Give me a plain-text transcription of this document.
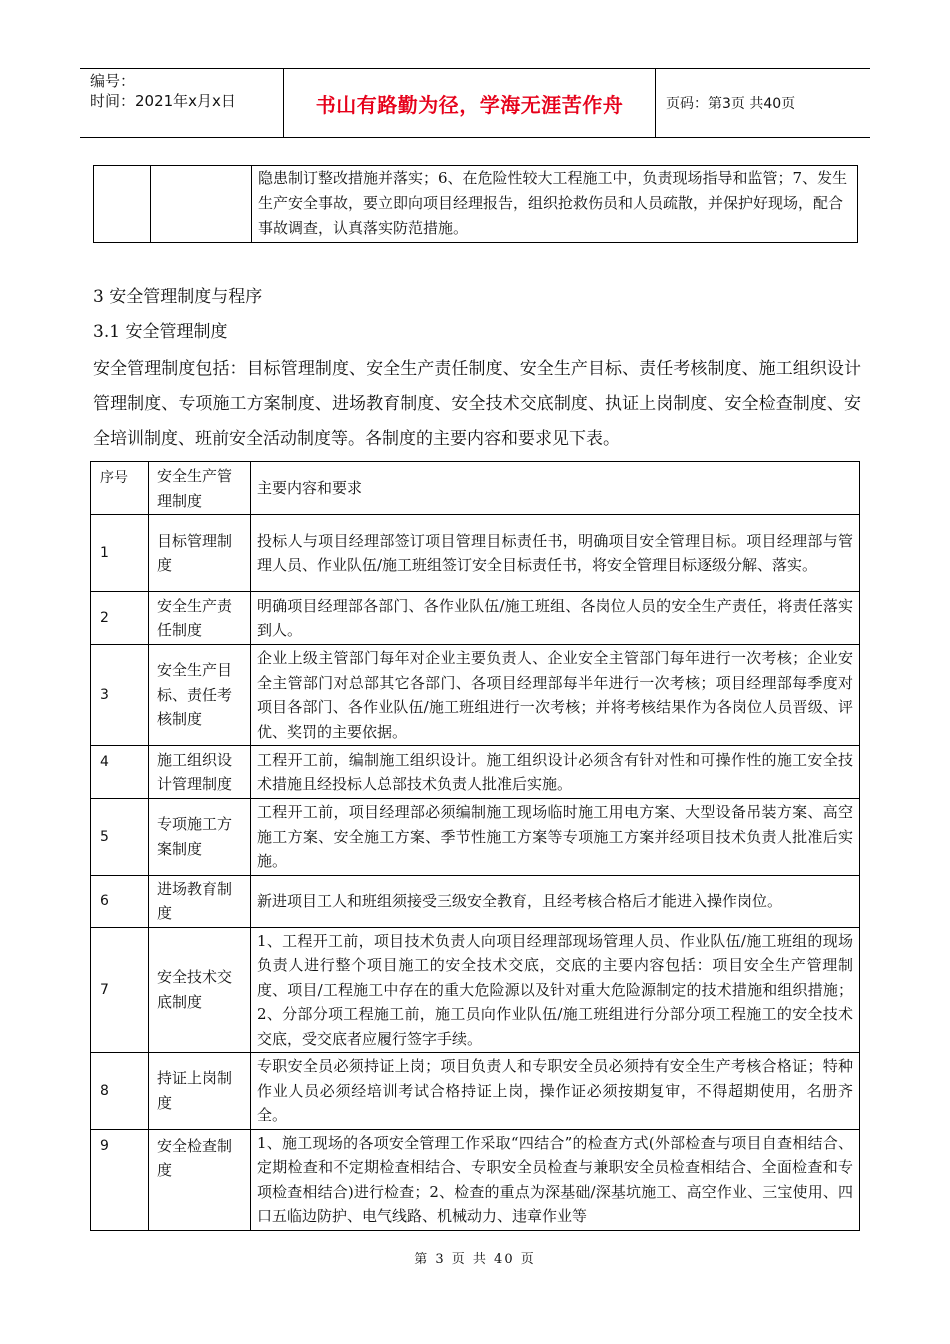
编号：
时间：2021年x月x日	书山有路勤为径，学海无涯苦作舟	页码：第3页 共40页
		隐患制订整改措施并落实；6、在危险性较大工程施工中，负责现场指导和监管；7、发生生产安全事故，要立即向项目经理报告，组织抢救伤员和人员疏散，并保护好现场，配合事故调查，认真落实防范措施。
3 安全管理制度与程序
3.1 安全管理制度
安全管理制度包括：目标管理制度、安全生产责任制度、安全生产目标、责任考核制度、施工组织设计管理制度、专项施工方案制度、进场教育制度、安全技术交底制度、执证上岗制度、安全检查制度、安全培训制度、班前安全活动制度等。各制度的主要内容和要求见下表。
序号	安全生产管理制度	主要内容和要求
1	目标管理制度	投标人与项目经理部签订项目管理目标责任书，明确项目安全管理目标。项目经理部与管理人员、作业队伍/施工班组签订安全目标责任书，将安全管理目标逐级分解、落实。
2	安全生产责任制度	明确项目经理部各部门、各作业队伍/施工班组、各岗位人员的安全生产责任，将责任落实到人。
3	安全生产目标、责任考核制度	企业上级主管部门每年对企业主要负责人、企业安全主管部门每年进行一次考核；企业安全主管部门对总部其它各部门、各项目经理部每半年进行一次考核；项目经理部每季度对项目各部门、各作业队伍/施工班组进行一次考核；并将考核结果作为各岗位人员晋级、评优、奖罚的主要依据。
4	施工组织设计管理制度	工程开工前，编制施工组织设计。施工组织设计必须含有针对性和可操作性的施工安全技术措施且经投标人总部技术负责人批准后实施。
5	专项施工方案制度	工程开工前，项目经理部必须编制施工现场临时施工用电方案、大型设备吊装方案、高空施工方案、安全施工方案、季节性施工方案等专项施工方案并经项目技术负责人批准后实施。
6	进场教育制度	新进项目工人和班组须接受三级安全教育，且经考核合格后才能进入操作岗位。
7	安全技术交底制度	1、工程开工前，项目技术负责人向项目经理部现场管理人员、作业队伍/施工班组的现场负责人进行整个项目施工的安全技术交底，交底的主要内容包括：项目安全生产管理制度、项目/工程施工中存在的重大危险源以及针对重大危险源制定的技术措施和组织措施；2、分部分项工程施工前，施工员向作业队伍/施工班组进行分部分项工程施工的安全技术交底，受交底者应履行签字手续。
8	持证上岗制度	专职安全员必须持证上岗；项目负责人和专职安全员必须持有安全生产考核合格证；特种作业人员必须经培训考试合格持证上岗，操作证必须按期复审，不得超期使用，名册齐全。
9	安全检查制度	1、施工现场的各项安全管理工作采取“四结合”的检查方式(外部检查与项目自查相结合、定期检查和不定期检查相结合、专职安全员检查与兼职安全员检查相结合、全面检查和专项检查相结合)进行检查；2、检查的重点为深基础/深基坑施工、高空作业、三宝使用、四口五临边防护、电气线路、机械动力、违章作业等
第 3 页 共 40 页
